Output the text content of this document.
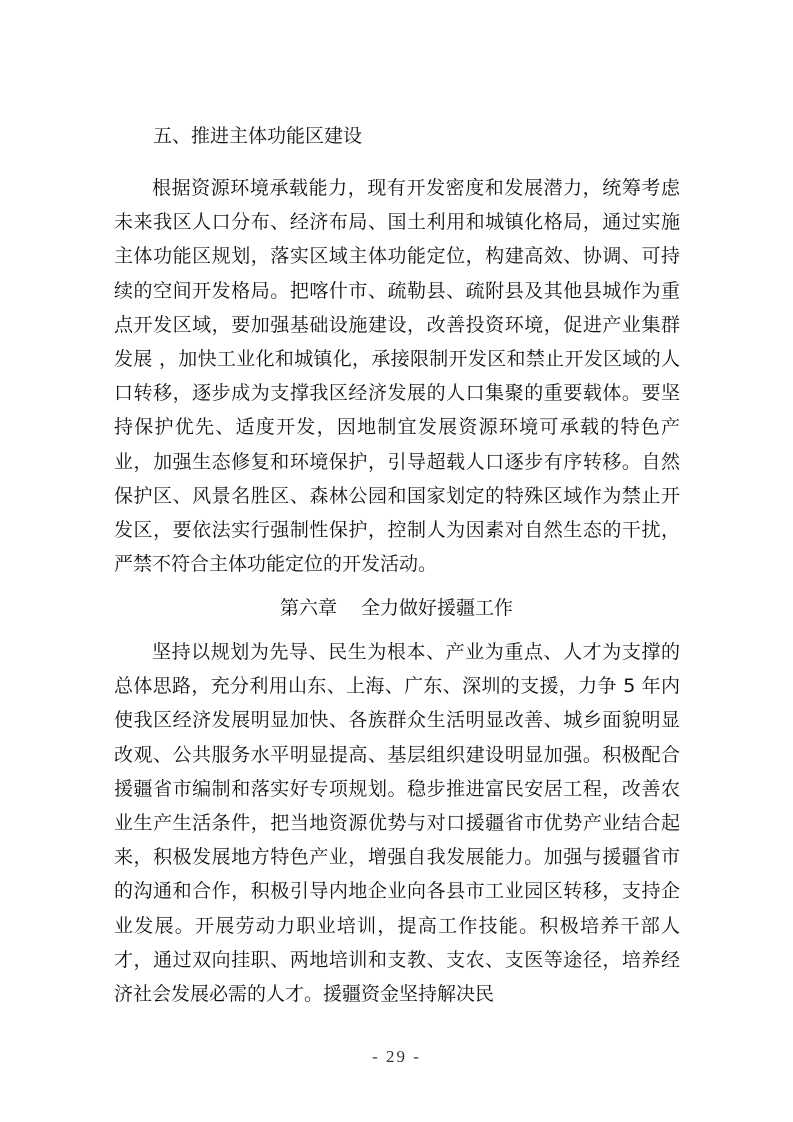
五、推进主体功能区建设

根据资源环境承载能力，现有开发密度和发展潜力，统筹考虑未来我区人口分布、经济布局、国土利用和城镇化格局，通过实施主体功能区规划，落实区域主体功能定位，构建高效、协调、可持续的空间开发格局。把喀什市、疏勒县、疏附县及其他县城作为重点开发区域，要加强基础设施建设，改善投资环境，促进产业集群发展 ，加快工业化和城镇化，承接限制开发区和禁止开发区域的人口转移，逐步成为支撑我区经济发展的人口集聚的重要载体。要坚持保护优先、适度开发，因地制宜发展资源环境可承载的特色产业，加强生态修复和环境保护，引导超载人口逐步有序转移。自然保护区、风景名胜区、森林公园和国家划定的特殊区域作为禁止开发区，要依法实行强制性保护，控制人为因素对自然生态的干扰，严禁不符合主体功能定位的开发活动。

第六章 全力做好援疆工作

坚持以规划为先导、民生为根本、产业为重点、人才为支撑的总体思路，充分利用山东、上海、广东、深圳的支援，力争 5 年内使我区经济发展明显加快、各族群众生活明显改善、城乡面貌明显改观、公共服务水平明显提高、基层组织建设明显加强。积极配合援疆省市编制和落实好专项规划。稳步推进富民安居工程，改善农业生产生活条件，把当地资源优势与对口援疆省市优势产业结合起来，积极发展地方特色产业，增强自我发展能力。加强与援疆省市的沟通和合作，积极引导内地企业向各县市工业园区转移，支持企业发展。开展劳动力职业培训，提高工作技能。积极培养干部人才，通过双向挂职、两地培训和支教、支农、支医等途径，培养经济社会发展必需的人才。援疆资金坚持解决民

- 29 -
